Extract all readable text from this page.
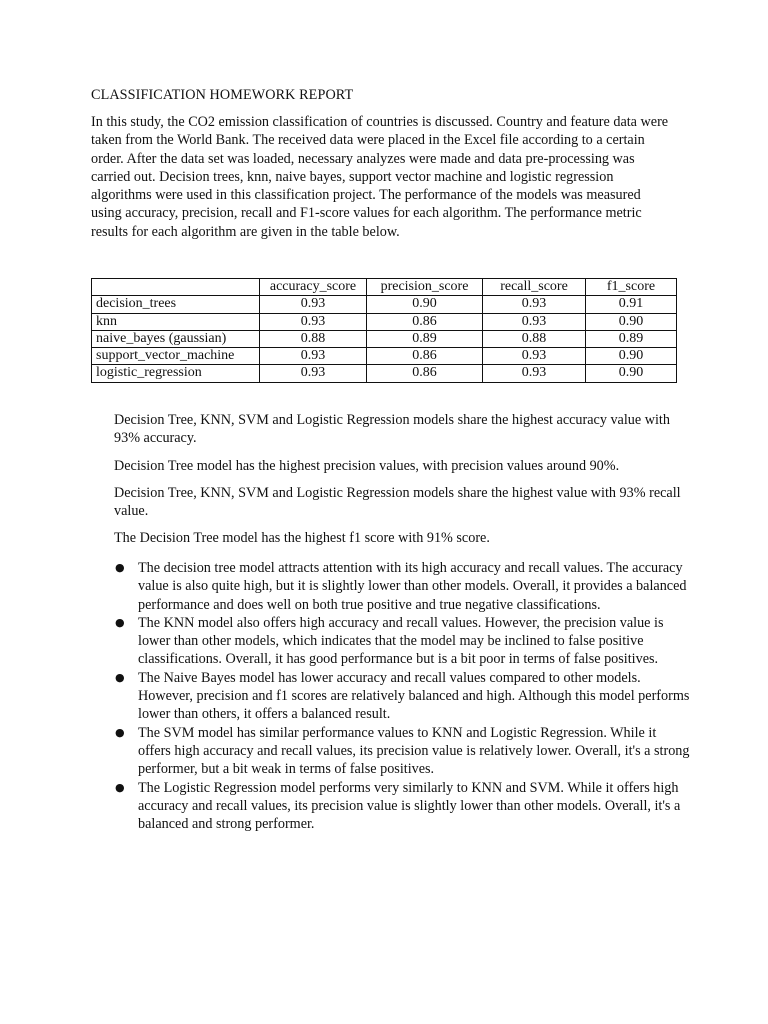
CLASSIFICATION HOMEWORK REPORT

In this study, the CO2 emission classification of countries is discussed. Country and feature data were taken from the World Bank. The received data were placed in the Excel file according to a certain order. After the data set was loaded, necessary analyzes were made and data pre-processing was carried out. Decision trees, knn, naive bayes, support vector machine and logistic regression algorithms were used in this classification project. The performance of the models was measured using accuracy, precision, recall and F1-score values for each algorithm. The performance metric results for each algorithm are given in the table below.

	accuracy_score	precision_score	recall_score	f1_score
decision_trees	0.93	0.90	0.93	0.91
knn	0.93	0.86	0.93	0.90
naive_bayes (gaussian)	0.88	0.89	0.88	0.89
support_vector_machine	0.93	0.86	0.93	0.90
logistic_regression	0.93	0.86	0.93	0.90

Decision Tree, KNN, SVM and Logistic Regression models share the highest accuracy value with 93% accuracy.

Decision Tree model has the highest precision values, with precision values around 90%.

Decision Tree, KNN, SVM and Logistic Regression models share the highest value with 93% recall value.

The Decision Tree model has the highest f1 score with 91% score.

● The decision tree model attracts attention with its high accuracy and recall values. The accuracy value is also quite high, but it is slightly lower than other models. Overall, it provides a balanced performance and does well on both true positive and true negative classifications.
● The KNN model also offers high accuracy and recall values. However, the precision value is lower than other models, which indicates that the model may be inclined to false positive classifications. Overall, it has good performance but is a bit poor in terms of false positives.
● The Naive Bayes model has lower accuracy and recall values compared to other models. However, precision and f1 scores are relatively balanced and high. Although this model performs lower than others, it offers a balanced result.
● The SVM model has similar performance values to KNN and Logistic Regression. While it offers high accuracy and recall values, its precision value is relatively lower. Overall, it's a strong performer, but a bit weak in terms of false positives.
● The Logistic Regression model performs very similarly to KNN and SVM. While it offers high accuracy and recall values, its precision value is slightly lower than other models. Overall, it's a balanced and strong performer.
